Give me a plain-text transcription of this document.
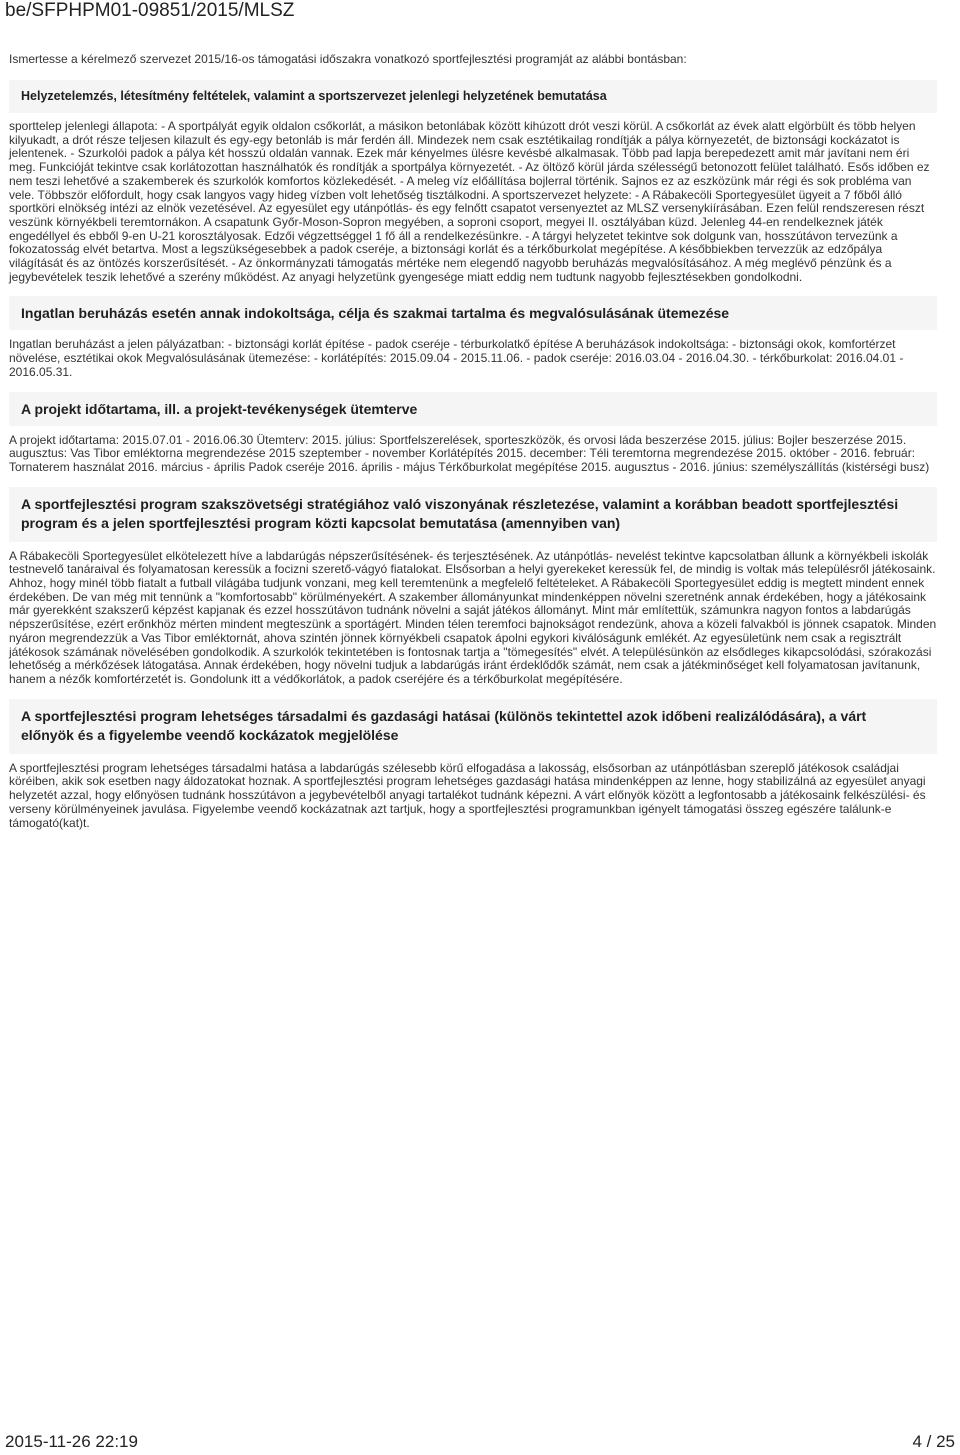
be/SFPHPM01-09851/2015/MLSZ

Ismertesse a kérelmező szervezet 2015/16-os támogatási időszakra vonatkozó sportfejlesztési programját az alábbi bontásban:

Helyzetelemzés, létesítmény feltételek, valamint a sportszervezet jelenlegi helyzetének bemutatása

sporttelep jelenlegi állapota: - A sportpályát egyik oldalon csőkorlát, a másikon betonlábak között kihúzott drót veszi körül. A csőkorlát az évek alatt elgörbült és több helyen kilyukadt, a drót része teljesen kilazult és egy-egy betonláb is már ferdén áll. Mindezek nem csak esztétikailag rondítják a pálya környezetét, de biztonsági kockázatot is jelentenek. - Szurkolói padok a pálya két hosszú oldalán vannak. Ezek már kényelmes ülésre kevésbé alkalmasak. Több pad lapja berepedezett amit már javítani nem éri meg. Funkcióját tekintve csak korlátozottan használhatók és rondítják a sportpálya környezetét. - Az öltöző körül járda szélességű betonozott felület található. Esős időben ez nem teszi lehetővé a szakemberek és szurkolók komfortos közlekedését. - A meleg víz előállítása bojlerral történik. Sajnos ez az eszközünk már régi és sok probléma van vele. Többször előfordult, hogy csak langyos vagy hideg vízben volt lehetőség tisztálkodni. A sportszervezet helyzete: - A Rábakecöli Sportegyesület ügyeit a 7 főből álló sportköri elnökség intézi az elnök vezetésével. Az egyesület egy utánpótlás- és egy felnőtt csapatot versenyeztet az MLSZ versenykiírásában. Ezen felül rendszeresen részt veszünk környékbeli teremtornákon. A csapatunk Győr-Moson-Sopron megyében, a soproni csoport, megyei II. osztályában küzd. Jelenleg 44-en rendelkeznek játék engedéllyel és ebből 9-en U-21 korosztályosak. Edzői végzettséggel 1 fő áll a rendelkezésünkre. - A tárgyi helyzetet tekintve sok dolgunk van, hosszútávon tervezünk a fokozatosság elvét betartva. Most a legszükségesebbek a padok cseréje, a biztonsági korlát és a térkőburkolat megépítése. A későbbiekben tervezzük az edzőpálya világítását és az öntözés korszerűsítését. - Az önkormányzati támogatás mértéke nem elegendő nagyobb beruházás megvalósításához. A még meglévő pénzünk és a jegybevételek teszik lehetővé a szerény működést. Az anyagi helyzetünk gyengesége miatt eddig nem tudtunk nagyobb fejlesztésekben gondolkodni.

Ingatlan beruházás esetén annak indokoltsága, célja és szakmai tartalma és megvalósulásának ütemezése

Ingatlan beruházást a jelen pályázatban: - biztonsági korlát építése - padok cseréje - térburkolatkő építése A beruházások indokoltsága: - biztonsági okok, komfortérzet növelése, esztétikai okok Megvalósulásának ütemezése: - korlátépítés: 2015.09.04 - 2015.11.06. - padok cseréje: 2016.03.04 - 2016.04.30. - térkőburkolat: 2016.04.01 - 2016.05.31.

A projekt időtartama, ill. a projekt-tevékenységek ütemterve

A projekt időtartama: 2015.07.01 - 2016.06.30 Ütemterv: 2015. július: Sportfelszerelések, sporteszközök, és orvosi láda beszerzése 2015. július: Bojler beszerzése 2015. augusztus: Vas Tibor emléktorna megrendezése 2015 szeptember - november Korlátépítés 2015. december: Téli teremtorna megrendezése 2015. október - 2016. február: Tornaterem használat 2016. március - április Padok cseréje 2016. április - május Térkőburkolat megépítése 2015. augusztus - 2016. június: személyszállítás (kistérségi busz)

A sportfejlesztési program szakszövetségi stratégiához való viszonyának részletezése, valamint a korábban beadott sportfejlesztési program és a jelen sportfejlesztési program közti kapcsolat bemutatása (amennyiben van)

A Rábakecöli Sportegyesület elkötelezett híve a labdarúgás népszerűsítésének- és terjesztésének. Az utánpótlás- nevelést tekintve kapcsolatban állunk a környékbeli iskolák testnevelő tanáraival és folyamatosan keressük a focizni szerető-vágyó fiatalokat. Elsősorban a helyi gyerekeket keressük fel, de mindig is voltak más településről játékosaink. Ahhoz, hogy minél több fiatalt a futball világába tudjunk vonzani, meg kell teremtenünk a megfelelő feltételeket. A Rábakecöli Sportegyesület eddig is megtett mindent ennek érdekében. De van még mit tennünk a "komfortosabb" körülményekért. A szakember állományunkat mindenképpen növelni szeretnénk annak érdekében, hogy a játékosaink már gyerekként szakszerű képzést kapjanak és ezzel hosszútávon tudnánk növelni a saját játékos állományt. Mint már említettük, számunkra nagyon fontos a labdarúgás népszerűsítése, ezért erőnkhöz mérten mindent megteszünk a sportágért. Minden télen teremfoci bajnokságot rendezünk, ahova a közeli falvakból is jönnek csapatok. Minden nyáron megrendezzük a Vas Tibor emléktornát, ahova szintén jönnek környékbeli csapatok ápolni egykori kiválóságunk emlékét. Az egyesületünk nem csak a regisztrált játékosok számának növelésében gondolkodik. A szurkolók tekintetében is fontosnak tartja a "tömegesítés" elvét. A településünkön az elsődleges kikapcsolódási, szórakozási lehetőség a mérkőzések látogatása. Annak érdekében, hogy növelni tudjuk a labdarúgás iránt érdeklődők számát, nem csak a játékminőséget kell folyamatosan javítanunk, hanem a nézők komfortérzetét is. Gondolunk itt a védőkorlátok, a padok cseréjére és a térkőburkolat megépítésére.

A sportfejlesztési program lehetséges társadalmi és gazdasági hatásai (különös tekintettel azok időbeni realizálódására), a várt előnyök és a figyelembe veendő kockázatok megjelölése

A sportfejlesztési program lehetséges társadalmi hatása a labdarúgás szélesebb körű elfogadása a lakosság, elsősorban az utánpótlásban szereplő játékosok családjai köréiben, akik sok esetben nagy áldozatokat hoznak. A sportfejlesztési program lehetséges gazdasági hatása mindenképpen az lenne, hogy stabilizálná az egyesület anyagi helyzetét azzal, hogy előnyösen tudnánk hosszútávon a jegybevételből anyagi tartalékot tudnánk képezni. A várt előnyök között a legfontosabb a játékosaink felkészülési- és verseny körülményeinek javulása. Figyelembe veendő kockázatnak azt tartjuk, hogy a sportfejlesztési programunkban igényelt támogatási összeg egészére találunk-e támogató(kat)t.

2015-11-26 22:19	4 / 25
